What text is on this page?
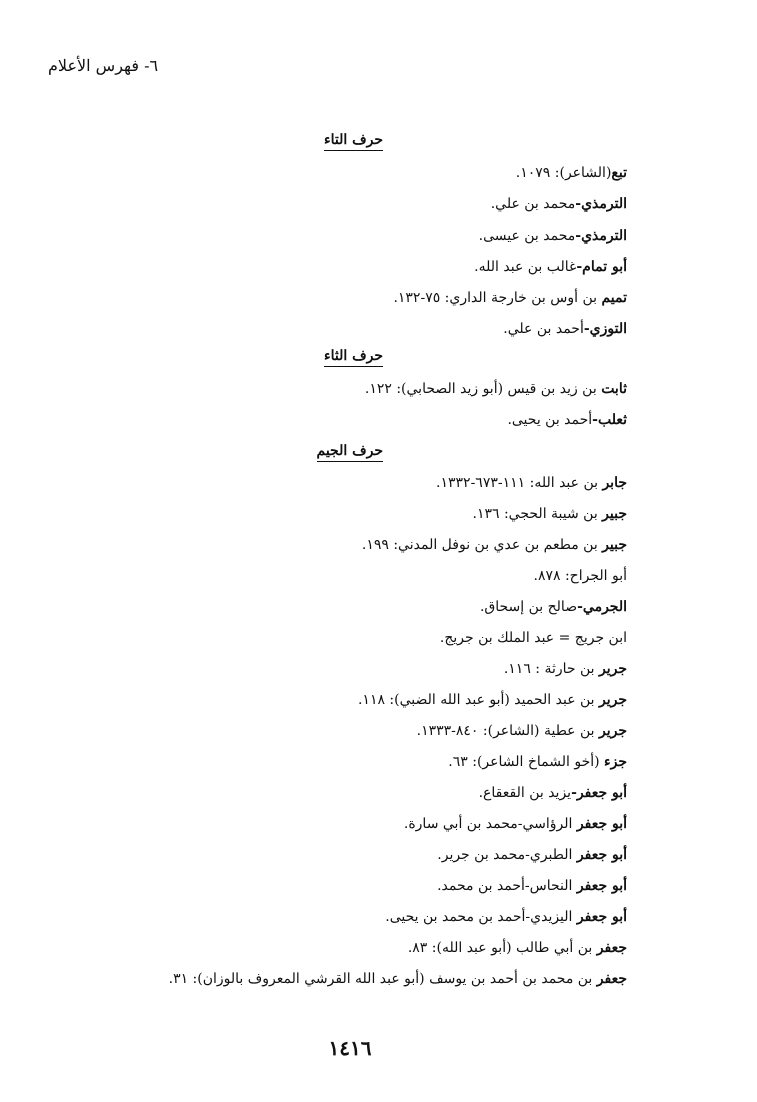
٦- فهرس الأعلام
حرف التاء
تبع(الشاعر): ١٠٧٩.
الترمذي-محمد بن علي.
الترمذي-محمد بن عيسى.
أبو تمام-غالب بن عبد الله.
تميم بن أوس بن خارجة الداري: ٧٥-١٣٢.
التوزي-أحمد بن علي.
حرف الثاء
ثابت بن زيد بن قيس (أبو زيد الصحابي): ١٢٢.
ثعلب-أحمد بن يحيى.
حرف الجيم
جابر بن عبد الله: ١١١-٦٧٣-١٣٣٢.
جبير بن شيبة الحجي: ١٣٦.
جبير بن مطعم بن عدي بن نوفل المدني: ١٩٩.
أبو الجراح: ٨٧٨.
الجرمي-صالح بن إسحاق.
ابن جريج = عبد الملك بن جريج.
جرير بن حارثة : ١١٦.
جرير بن عبد الحميد (أبو عبد الله الضبي): ١١٨.
جرير بن عطية (الشاعر): ٨٤٠-١٣٣٣.
جزء (أخو الشماخ الشاعر): ٦٣.
أبو جعفر-يزيد بن القعقاع.
أبو جعفر الرؤاسي-محمد بن أبي سارة.
أبو جعفر الطبري-محمد بن جرير.
أبو جعفر النحاس-أحمد بن محمد.
أبو جعفر اليزيدي-أحمد بن محمد بن يحيى.
جعفر بن أبي طالب (أبو عبد الله): ٨٣.
جعفر بن محمد بن أحمد بن يوسف (أبو عبد الله القرشي المعروف بالوزان): ٣١.
١٤١٦
